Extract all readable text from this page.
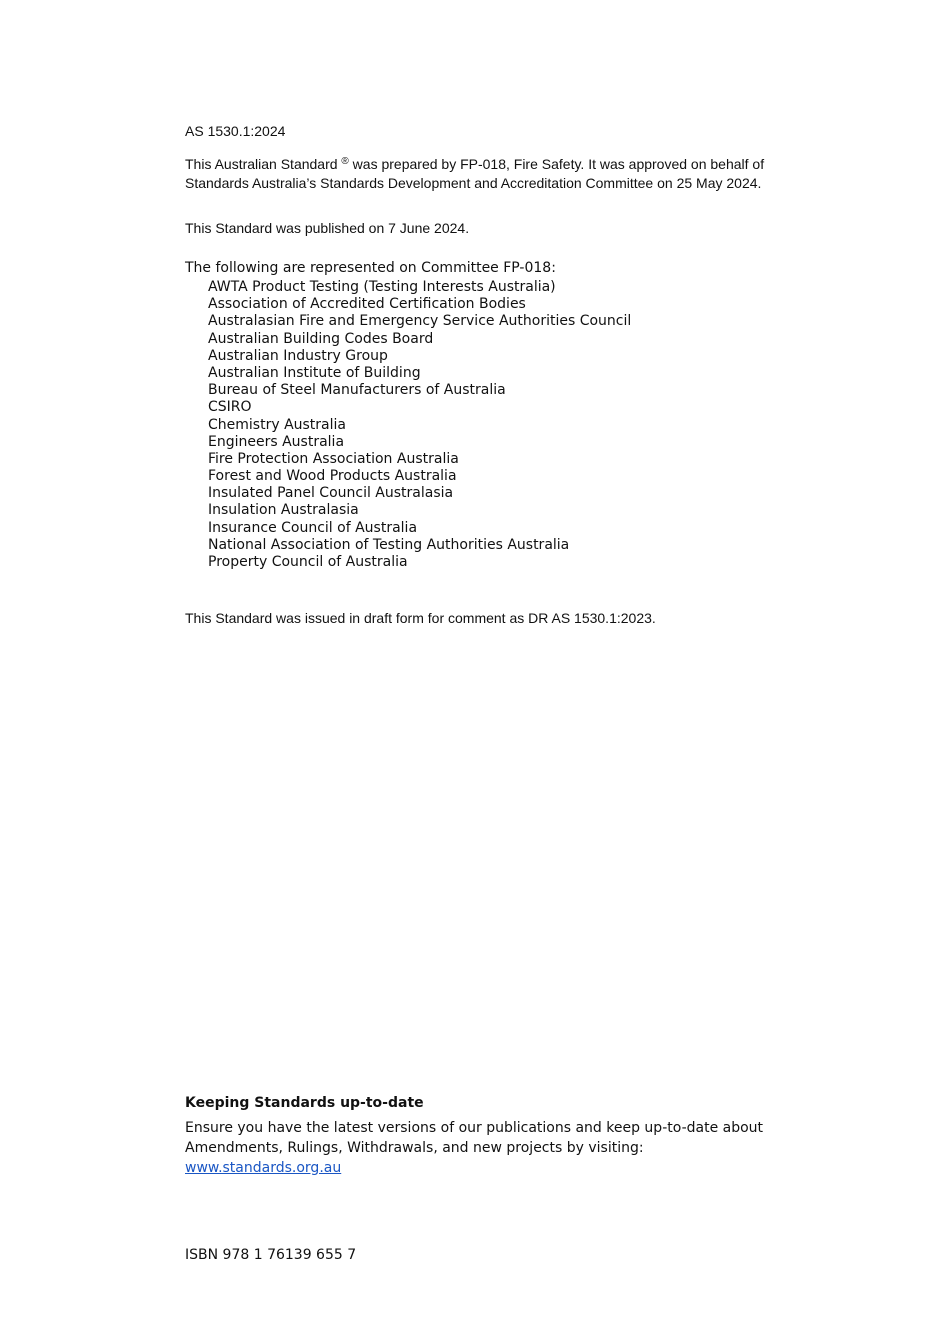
AS 1530.1:2024
This Australian Standard ® was prepared by FP-018, Fire Safety. It was approved on behalf of Standards Australia’s Standards Development and Accreditation Committee on 25 May 2024.
This Standard was published on 7 June 2024.
The following are represented on Committee FP-018:
AWTA Product Testing (Testing Interests Australia)
Association of Accredited Certification Bodies
Australasian Fire and Emergency Service Authorities Council
Australian Building Codes Board
Australian Industry Group
Australian Institute of Building
Bureau of Steel Manufacturers of Australia
CSIRO
Chemistry Australia
Engineers Australia
Fire Protection Association Australia
Forest and Wood Products Australia
Insulated Panel Council Australasia
Insulation Australasia
Insurance Council of Australia
National Association of Testing Authorities Australia
Property Council of Australia
This Standard was issued in draft form for comment as DR AS 1530.1:2023.
Keeping Standards up-to-date
Ensure you have the latest versions of our publications and keep up-to-date about Amendments, Rulings, Withdrawals, and new projects by visiting:
www.standards.org.au
ISBN 978 1 76139 655 7
